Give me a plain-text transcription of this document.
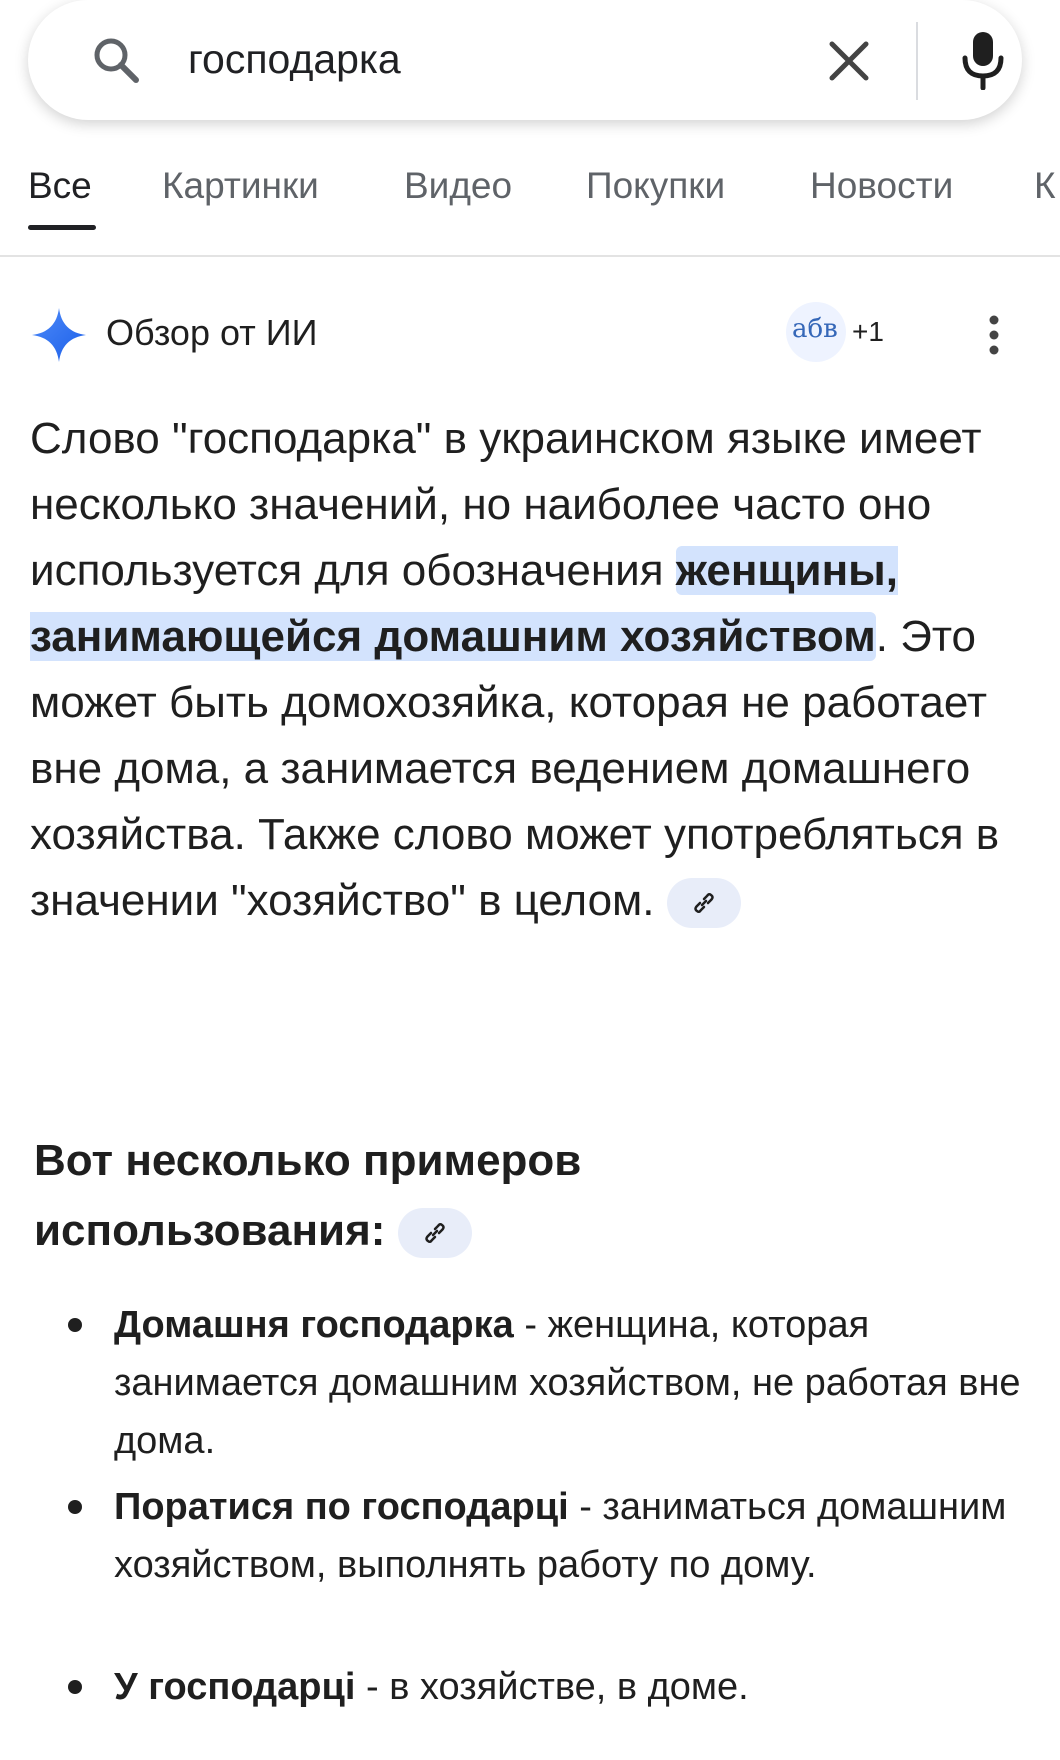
господарка
Все Картинки Видео Покупки Новости К
Обзор от ИИ	абв +1
Слово "господарка" в украинском языке имеет несколько значений, но наиболее часто оно используется для обозначения женщины, занимающейся домашним хозяйством. Это может быть домохозяйка, которая не работает вне дома, а занимается ведением домашнего хозяйства. Также слово может употребляться в значении "хозяйство" в целом.
Вот несколько примеров использования:
Домашня господарка - женщина, которая занимается домашним хозяйством, не работая вне дома.
Поратися по господарці - заниматься домашним хозяйством, выполнять работу по дому.
У господарці - в хозяйстве, в доме.
